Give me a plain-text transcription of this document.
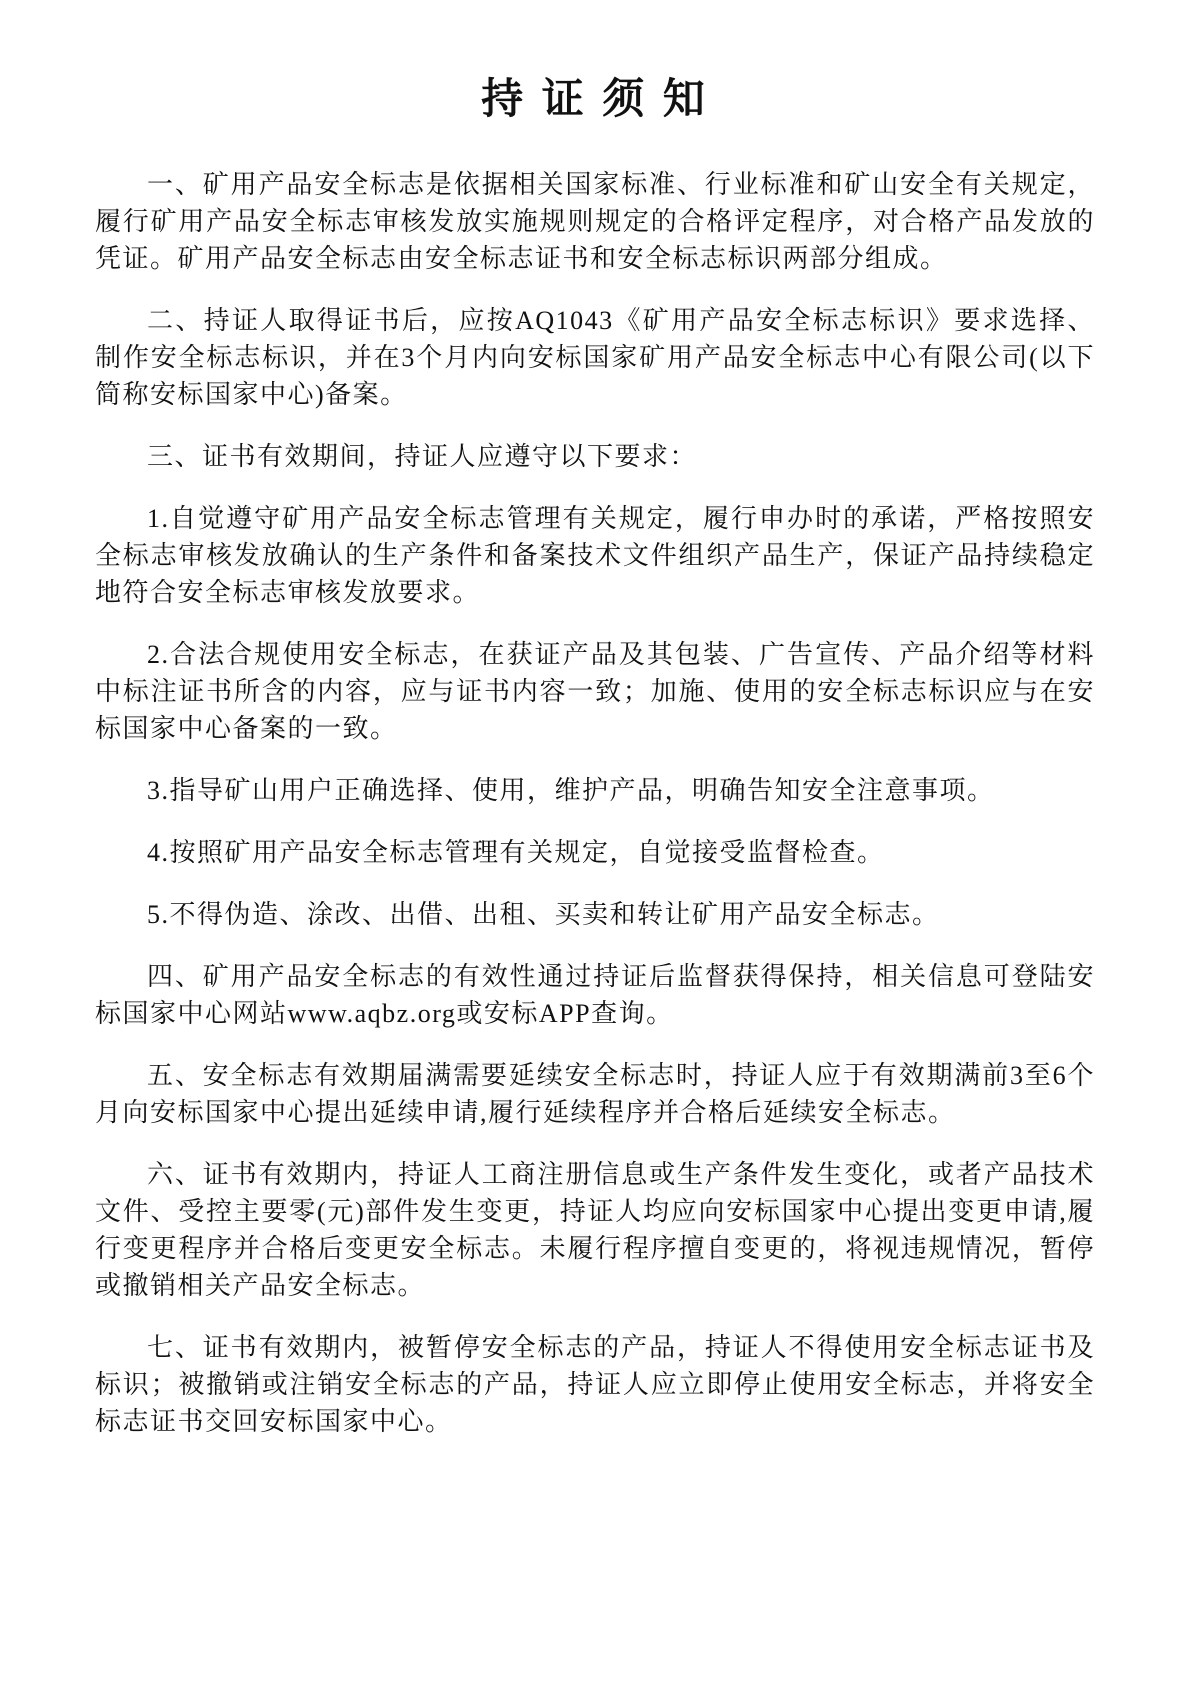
持 证 须 知

一、矿用产品安全标志是依据相关国家标准、行业标准和矿山安全有关规定，履行矿用产品安全标志审核发放实施规则规定的合格评定程序，对合格产品发放的凭证。矿用产品安全标志由安全标志证书和安全标志标识两部分组成。

二、持证人取得证书后，应按AQ1043《矿用产品安全标志标识》要求选择、制作安全标志标识，并在3个月内向安标国家矿用产品安全标志中心有限公司(以下简称安标国家中心)备案。

三、证书有效期间，持证人应遵守以下要求：

1.自觉遵守矿用产品安全标志管理有关规定，履行申办时的承诺，严格按照安全标志审核发放确认的生产条件和备案技术文件组织产品生产，保证产品持续稳定地符合安全标志审核发放要求。

2.合法合规使用安全标志，在获证产品及其包装、广告宣传、产品介绍等材料中标注证书所含的内容，应与证书内容一致；加施、使用的安全标志标识应与在安标国家中心备案的一致。

3.指导矿山用户正确选择、使用，维护产品，明确告知安全注意事项。

4.按照矿用产品安全标志管理有关规定，自觉接受监督检查。

5.不得伪造、涂改、出借、出租、买卖和转让矿用产品安全标志。

四、矿用产品安全标志的有效性通过持证后监督获得保持，相关信息可登陆安标国家中心网站www.aqbz.org或安标APP查询。

五、安全标志有效期届满需要延续安全标志时，持证人应于有效期满前3至6个月向安标国家中心提出延续申请,履行延续程序并合格后延续安全标志。

六、证书有效期内，持证人工商注册信息或生产条件发生变化，或者产品技术文件、受控主要零(元)部件发生变更，持证人均应向安标国家中心提出变更申请,履行变更程序并合格后变更安全标志。未履行程序擅自变更的，将视违规情况，暂停或撤销相关产品安全标志。

七、证书有效期内，被暂停安全标志的产品，持证人不得使用安全标志证书及标识；被撤销或注销安全标志的产品，持证人应立即停止使用安全标志，并将安全标志证书交回安标国家中心。
